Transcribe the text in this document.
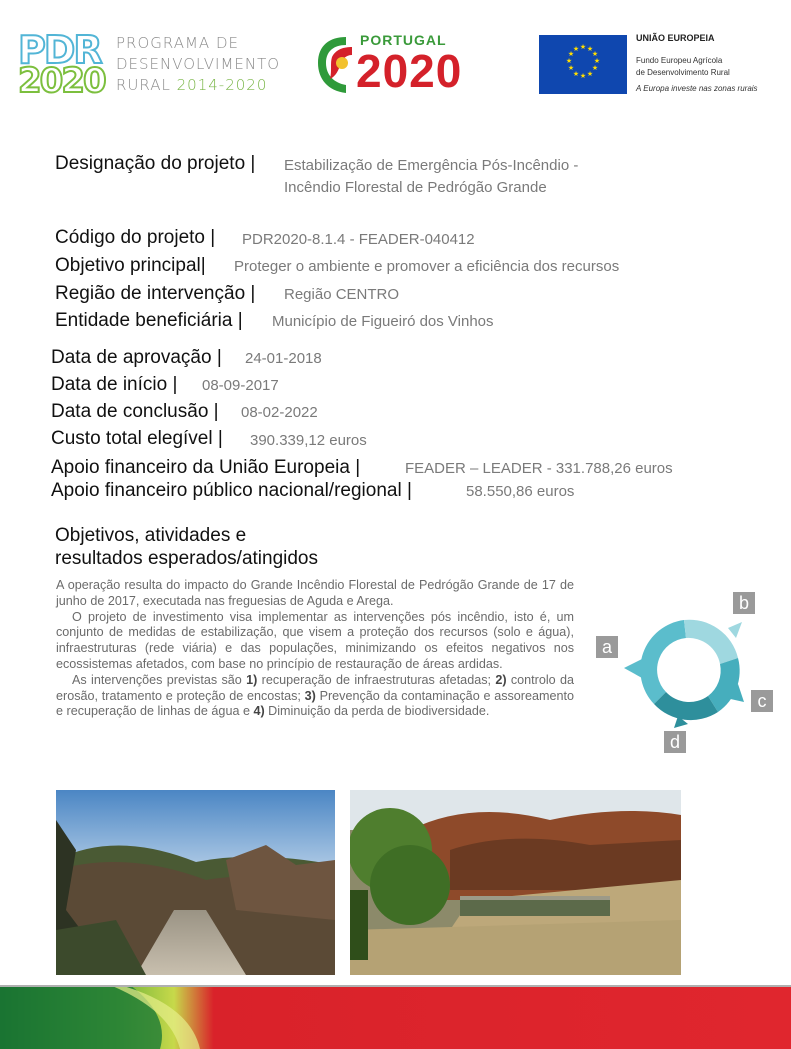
PDR
2020
PROGRAMA DE
DESENVOLVIMENTO
RURAL 2014-2020
PORTUGAL
2020	★ ★
★
★
★
★
★
★
★
★
★
★
UNIÃO EUROPEIA
Fundo Europeu Agrícola
de Desenvolvimento Rural
A Europa investe nas zonas rurais
Designação do projeto | Estabilização de Emergência Pós-Incêndio -
Incêndio Florestal de Pedrógão Grande
Código do projeto | PDR2020-8.1.4 - FEADER-040412
Objetivo principal| Proteger o ambiente e promover a eficiência dos recursos
Região de intervenção | Região CENTRO
Entidade beneficiária | Município de Figueiró dos Vinhos
Data de aprovação | 24-01-2018
Data de início | 08-09-2017
Data de conclusão | 08-02-2022
Custo total elegível | 390.339,12 euros
Apoio financeiro da União Europeia |	FEADER – LEADER - 331.788,26 euros
Apoio financeiro público nacional/regional |	58.550,86 euros
Objetivos, atividades e
resultados esperados/atingidos

A operação resulta do impacto do Grande Incêndio Florestal de Pedrógão Grande de 17 de junho de 2017, executada nas freguesias de Aguda e Arega.

O projeto de investimento visa implementar as intervenções pós incêndio, isto é, um conjunto de medidas de estabilização, que visem a proteção dos recursos (solo e água), infraestruturas (rede viária) e das populações, minimizando os efeitos negativos nos ecossistemas afetados, com base no princípio de restauração de áreas ardidas.

As intervenções previstas são 1) recuperação de infraestruturas afetadas; 2) controlo da erosão, tratamento e proteção de encostas; 3) Prevenção da contaminação e assoreamento e recuperação de linhas de água e 4) Diminuição da perda de biodiversidade.

a
b
c
d
